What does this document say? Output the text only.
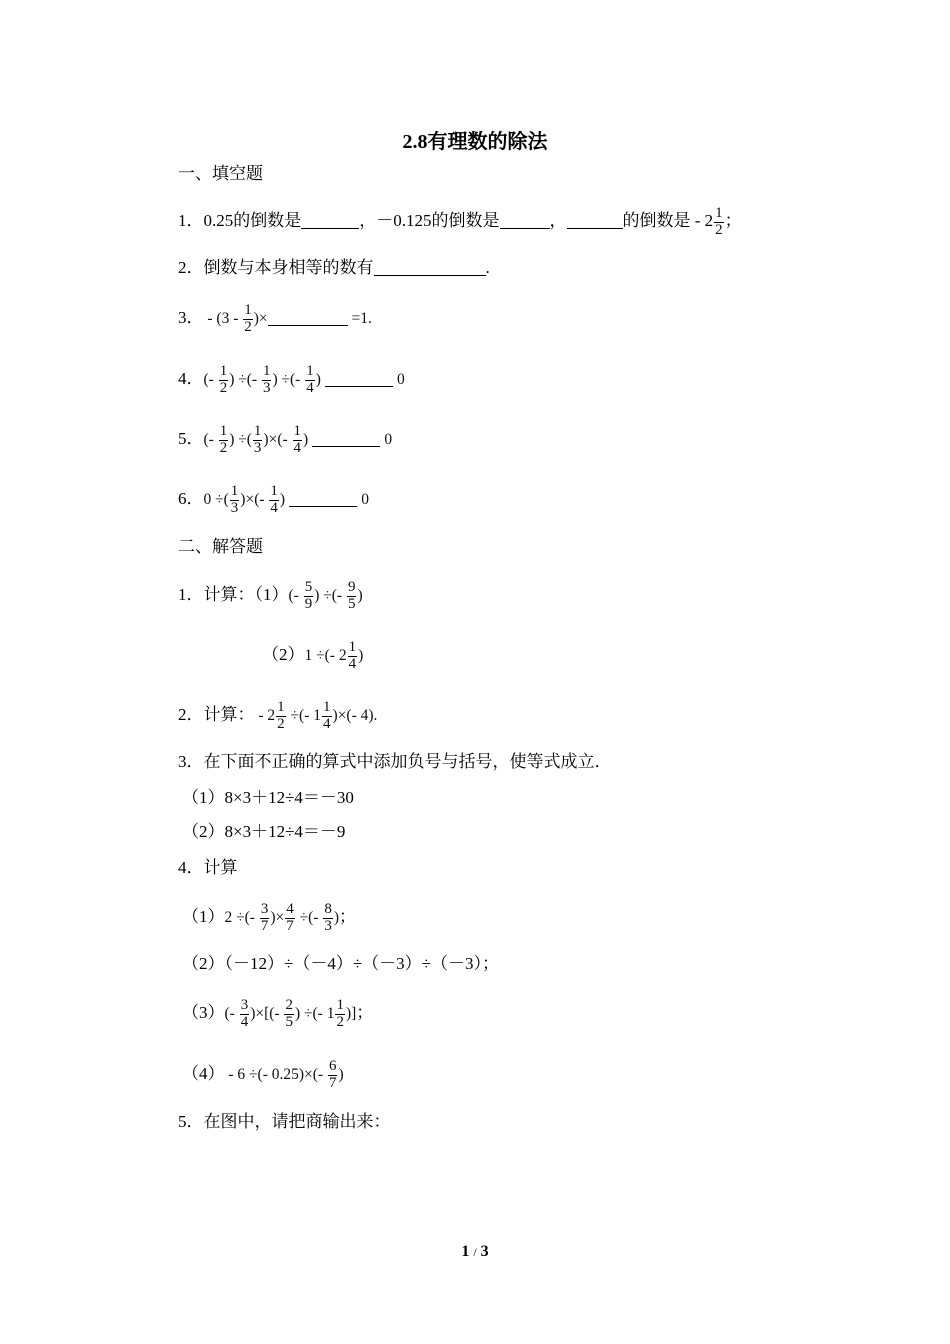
2.8有理数的除法
一、填空题
1．0.25的倒数是	，－0.125的倒数是	，	的倒数是 - $2 \frac{1}{2}$ ；
2．倒数与本身相等的数有	.
3． - ($3 - \frac{1}{2}$ )×	=1.
4．(- $\frac{1}{2}$ ) ÷(- $\frac{1}{3}$ ) ÷(- $\frac{1}{4}$ )	0
5．(- $\frac{1}{2}$ ) ÷( $\frac{1}{3}$ )×(- $\frac{1}{4}$ )	0
6．0 ÷( $\frac{1}{3}$ )×(- $\frac{1}{4}$ )	0
二、解答题
1．计算：$(1)(- \frac{5}{9}$ ) ÷(- $\frac{9}{5}$ )
（2）1 ÷(- $2 \frac{1}{4}$ )
2．计算： - $2 \frac{1}{2}$ ÷(- $1 \frac{1}{4}$ )×(- 4).
3．在下面不正确的算式中添加负号与括号，使等式成立．
（1）8×3＋12÷4＝－30
（2）8×3＋12÷4＝－9
4．计算
（1）2 ÷(- $\frac{3}{7}$ )× $\frac{4}{7}$ ÷(- $\frac{8}{3}$ )；
（2）（－12）÷（－4）÷（－3）÷（－3）；
$(3)(- \frac{3}{4}$ )×[(- $\frac{2}{5}$ ) ÷(- $1 \frac{1}{2}$ )]；
（4） - 6 ÷(- $0.25)\times(- \frac{6}{7}$ )
5．在图中，请把商输出来：
1 / 3
